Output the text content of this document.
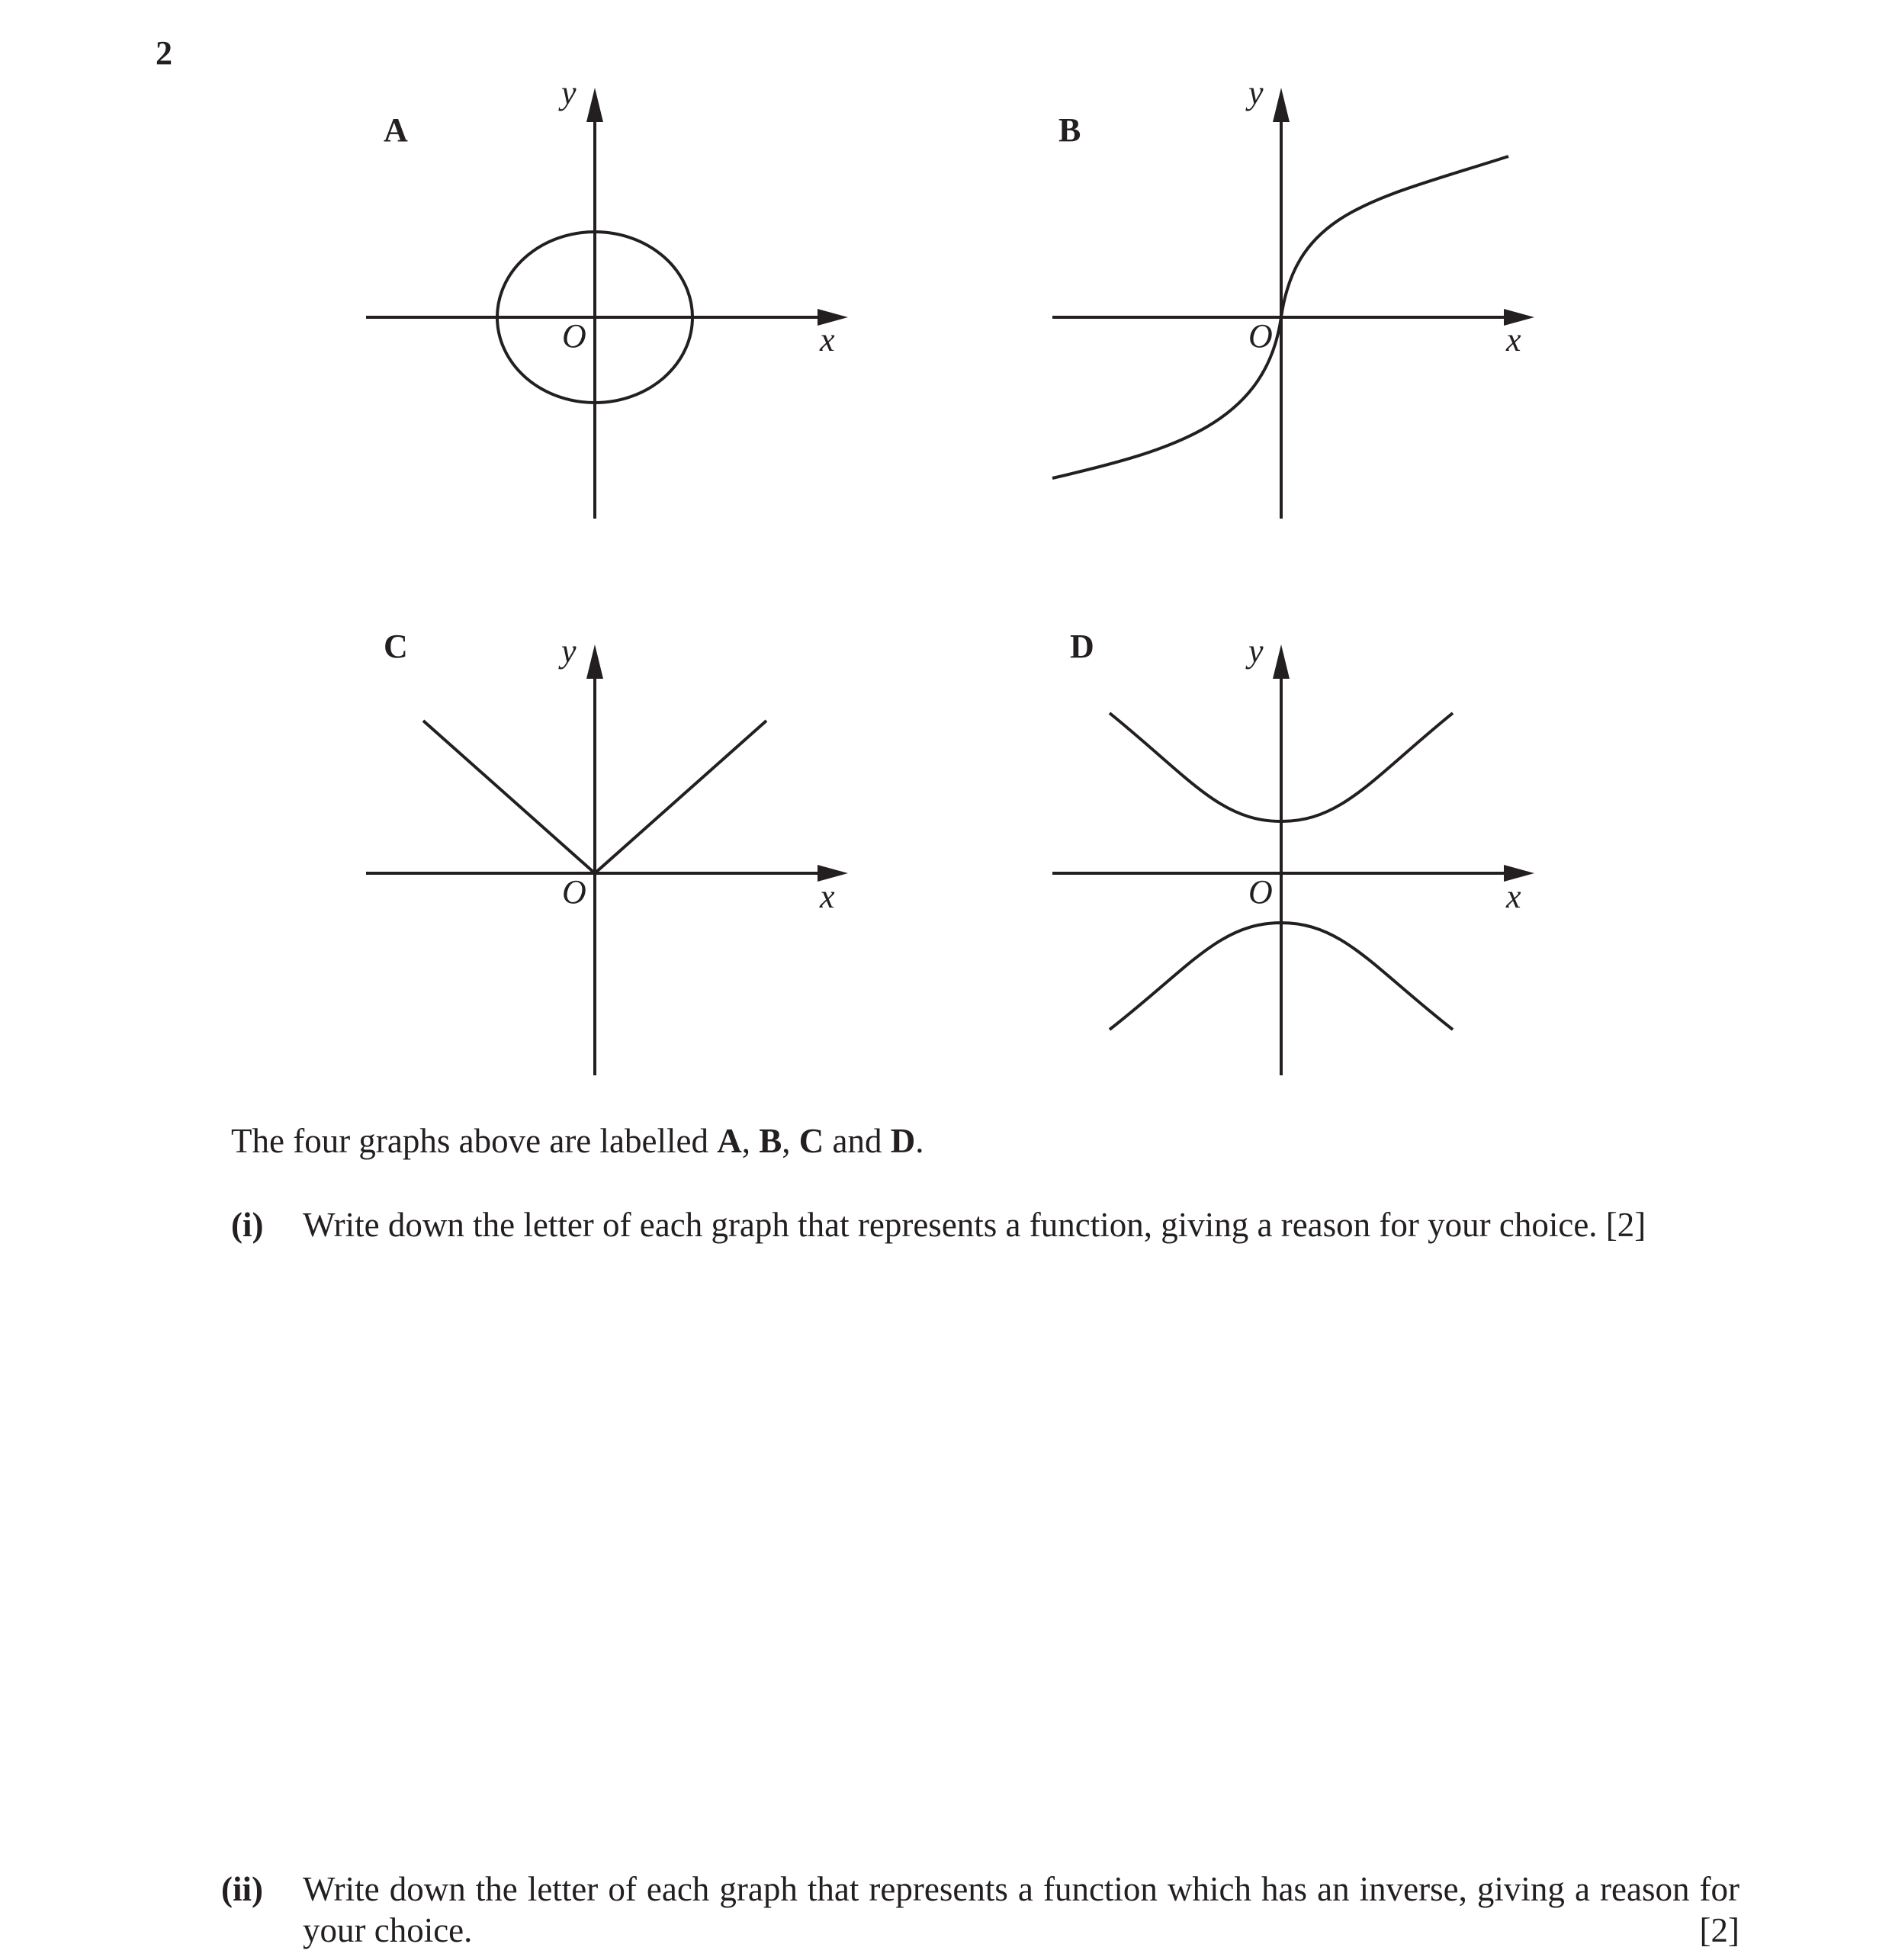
2
A
y
x
O
B
y
x
O
C	y
x
O
D	y
x
O
The four graphs above are labelled A, B, C and D.
(i) Write down the letter of each graph that represents a function, giving a reason for your choice. [2]
(ii) Write down the letter of each graph that represents a function which has an inverse, giving a reason for your choice.	[2]
